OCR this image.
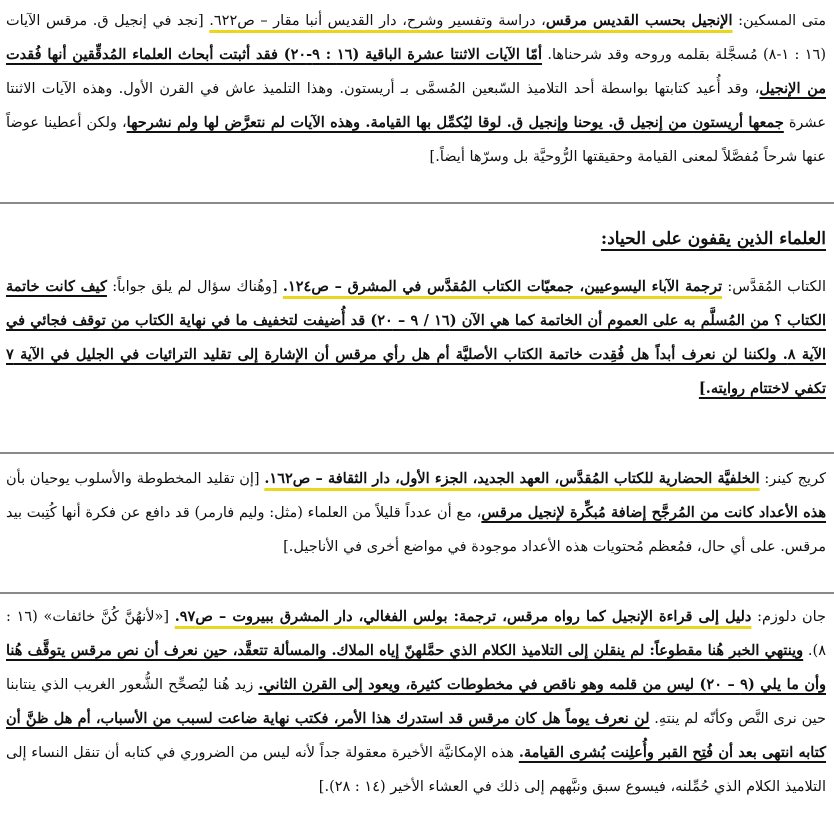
متى المسكين: الإنجيل بحسب القديس مرقس، دراسة وتفسير وشرح، دار القديس أنبا مقار – ص٦٢٢. [نجد في إنجيل ق. مرقس الآيات (١٦ : ١-٨) مُسجَّلة بقلمه وروحه وقد شرحناها. أمّا الآيات الاثنتا عشرة الباقية (١٦ : ٩-٢٠) فقد أثبتت أبحاث العلماء المُدقِّقين أنها فُقدت من الإنجيل، وقد أُعيد كتابتها بواسطة أحد التلاميذ السّبعين المُسمَّى بـ أريستون. وهذا التلميذ عاش في القرن الأول. وهذه الآيات الاثنتا عشرة جمعها أريستون من إنجيل ق. يوحنا وإنجيل ق. لوقا ليُكمِّل بها القيامة. وهذه الآيات لم نتعرَّض لها ولم نشرحها، ولكن أعطينا عوضاً عنها شرحاً مُفصَّلاً لمعنى القيامة وحقيقتها الرُّوحيَّة بل وسرّها أيضاً.]

العلماء الذين يقفون على الحياد:

الكتاب المُقدَّس: ترجمة الآباء اليسوعيين، جمعيّات الكتاب المُقدَّس في المشرق – ص١٢٤. [وهُناك سؤال لم يلق جواباً: كيف كانت خاتمة الكتاب ؟ من المُسلَّم به على العموم أن الخاتمة كما هي الآن (١٦ / ٩ – ٢٠) قد أُضيفت لتخفيف ما في نهاية الكتاب من توقف فجائي في الآية ٨. ولكننا لن نعرف أبداً هل فُقِدت خاتمة الكتاب الأصليَّة أم هل رأي مرقس أن الإشارة إلى تقليد الترائيات في الجليل في الآية ٧ تكفي لاختتام روايته.]

كريج كينر: الخلفيَّة الحضارية للكتاب المُقدَّس، العهد الجديد، الجزء الأول، دار الثقافة – ص١٦٢. [إن تقليد المخطوطة والأسلوب يوحيان بأن هذه الأعداد كانت من المُرجَّح إضافة مُبكِّرة لإنجيل مرقس، مع أن عدداً قليلاً من العلماء (مثل: وليم فارمر) قد دافع عن فكرة أنها كُتِبت بيد مرقس. على أي حال، فمُعظم مُحتويات هذه الأعداد موجودة في مواضع أخرى في الأناجيل.]

جان دلوزم: دليل إلى قراءة الإنجيل كما رواه مرقس، ترجمة: بولس الفغالي، دار المشرق ببيروت – ص٩٧. [«لأنهُنَّ كُنَّ خائفات» (١٦ : ٨). وينتهي الخبر هُنا مقطوعاً: لم ينقلن إلى التلاميذ الكلام الذي حمَّلهنّ إياه الملاك. والمسألة تتعقَّد، حين نعرف أن نص مرقس يتوقَّف هُنا وأن ما يلي (٩ – ٢٠) ليس من قلمه وهو ناقص في مخطوطات كثيرة، ويعود إلى القرن الثاني. زيد هُنا ليُصحِّح الشُّعور الغريب الذي ينتابنا حين نرى النَّص وكأنّه لم ينتهِ. لن نعرف يوماً هل كان مرقس قد استدرك هذا الأمر، فكتب نهاية ضاعت لسبب من الأسباب، أم هل ظنَّ أن كتابه انتهى بعد أن فُتِح القبر وأُعلِنت بُشرى القيامة. هذه الإمكانيَّة الأخيرة معقولة جداً لأنه ليس من الضروري في كتابه أن تنقل النساء إلى التلاميذ الكلام الذي حُمِّلنه، فيسوع سبق ونبَّههم إلى ذلك في العشاء الأخير (١٤ : ٢٨).]
